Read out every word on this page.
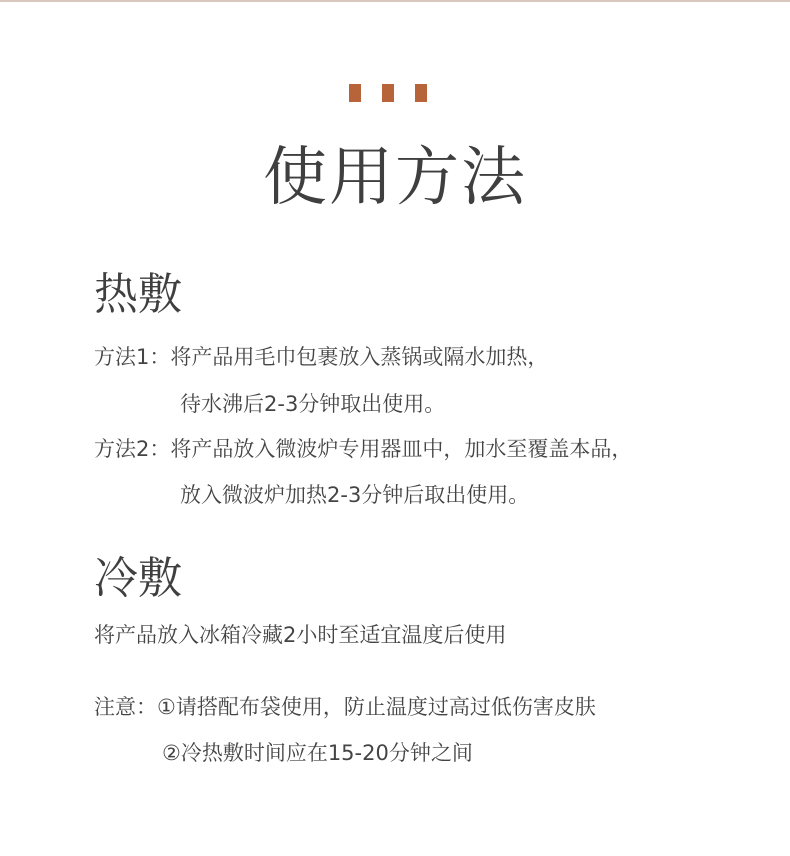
使用方法
热敷
方法1：将产品用毛巾包裹放入蒸锅或隔水加热，
待水沸后2-3分钟取出使用。
方法2：将产品放入微波炉专用器皿中，加水至覆盖本品，
放入微波炉加热2-3分钟后取出使用。
冷敷
将产品放入冰箱冷藏2小时至适宜温度后使用
注意：①请搭配布袋使用，防止温度过高过低伤害皮肤
②冷热敷时间应在15-20分钟之间
